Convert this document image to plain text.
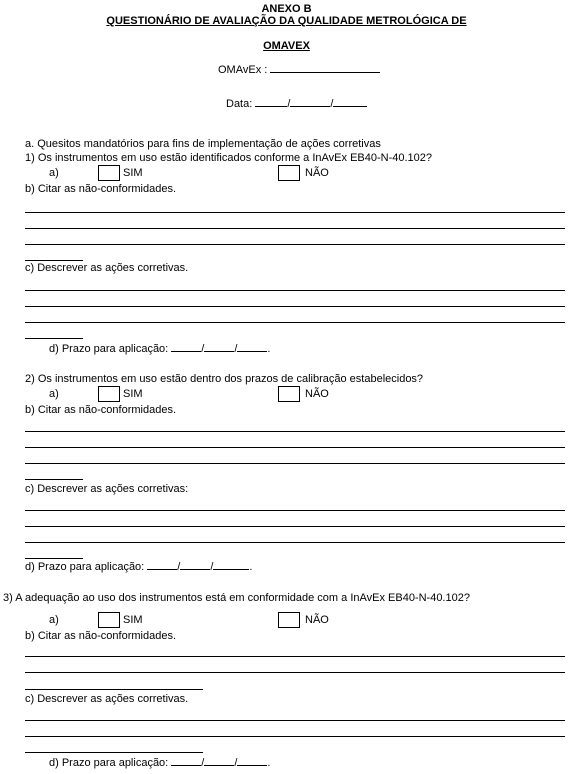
ANEXO B
QUESTIONÁRIO DE AVALIAÇÃO DA QUALIDADE METROLÓGICA DE
OMAVEX
OMAvEx :
Data:	/	/
a. Quesitos mandatórios para fins de implementação de ações corretivas
1) Os instrumentos em uso estão identificados conforme a InAvEx EB40-N-40.102?
a)	SIM	NÃO
b) Citar as não-conformidades.
c) Descrever as ações corretivas.
d) Prazo para aplicação:	/	/	.
2) Os instrumentos em uso estão dentro dos prazos de calibração estabelecidos?
a)	SIM	NÃO
b) Citar as não-conformidades.
c) Descrever as ações corretivas:
d) Prazo para aplicação:	/	/	.
3) A adequação ao uso dos instrumentos está em conformidade com a InAvEx EB40-N-40.102?
a)	SIM	NÃO
b) Citar as não-conformidades.
c) Descrever as ações corretivas.
d) Prazo para aplicação:	/	/	.
